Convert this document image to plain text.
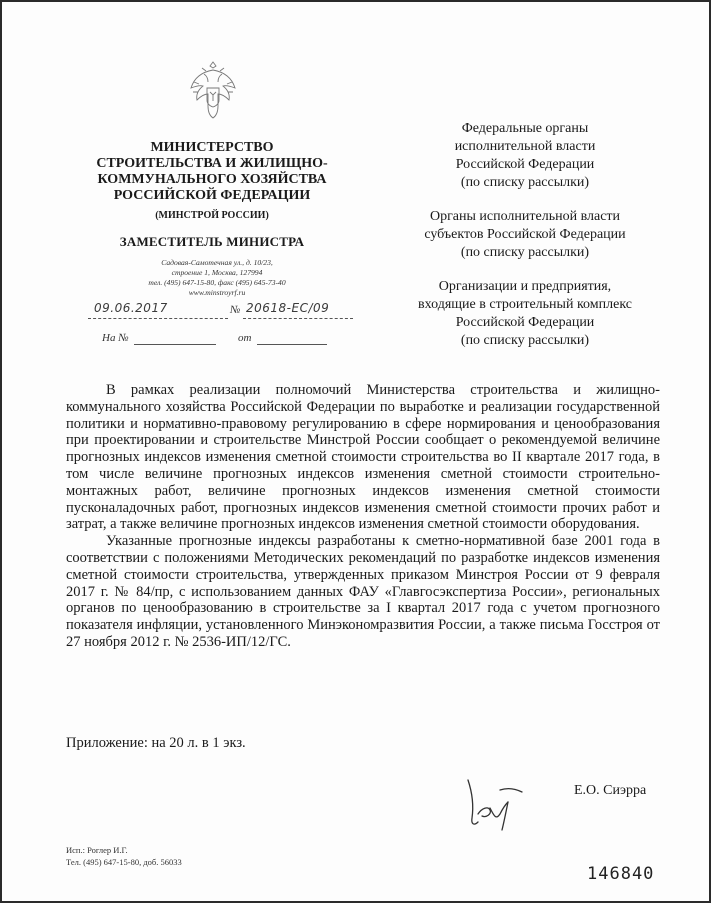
МИНИСТЕРСТВО
СТРОИТЕЛЬСТВА И ЖИЛИЩНО-
КОММУНАЛЬНОГО ХОЗЯЙСТВА
РОССИЙСКОЙ ФЕДЕРАЦИИ
(МИНСТРОЙ РОССИИ)
ЗАМЕСТИТЕЛЬ МИНИСТРА
Садовая-Самотечная ул., д. 10/23,
строение 1, Москва, 127994
тел. (495) 647-15-80, факс (495) 645-73-40
www.minstroyrf.ru
09.06.2017	№ 20618-ЕС/09
На №	от
Федеральные органы
исполнительной власти
Российской Федерации
(по списку рассылки)
Органы исполнительной власти
субъектов Российской Федерации
(по списку рассылки)
Организации и предприятия,
входящие в строительный комплекс
Российской Федерации
(по списку рассылки)

В рамках реализации полномочий Министерства строительства и жилищно-коммунального хозяйства Российской Федерации по выработке и реализации государственной политики и нормативно-правовому регулированию в сфере нормирования и ценообразования при проектировании и строительстве Минстрой России сообщает о рекомендуемой величине прогнозных индексов изменения сметной стоимости строительства во II квартале 2017 года, в том числе величине прогнозных индексов изменения сметной стоимости строительно-монтажных работ, величине прогнозных индексов изменения сметной стоимости пусконаладочных работ, прогнозных индексов изменения сметной стоимости прочих работ и затрат, а также величине прогнозных индексов изменения сметной стоимости оборудования.

Указанные прогнозные индексы разработаны к сметно-нормативной базе 2001 года в соответствии с положениями Методических рекомендаций по разработке индексов изменения сметной стоимости строительства, утвержденных приказом Минстроя России от 9 февраля 2017 г. № 84/пр, с использованием данных ФАУ «Главгосэкспертиза России», региональных органов по ценообразованию в строительстве за I квартал 2017 года с учетом прогнозного показателя инфляции, установленного Минэкономразвития России, а также письма Госстроя от 27 ноября 2012 г. № 2536-ИП/12/ГС.

Приложение: на 20 л. в 1 экз.
Е.О. Сиэрра
Исп.: Роглер И.Г.
Тел. (495) 647-15-80, доб. 56033
146840
